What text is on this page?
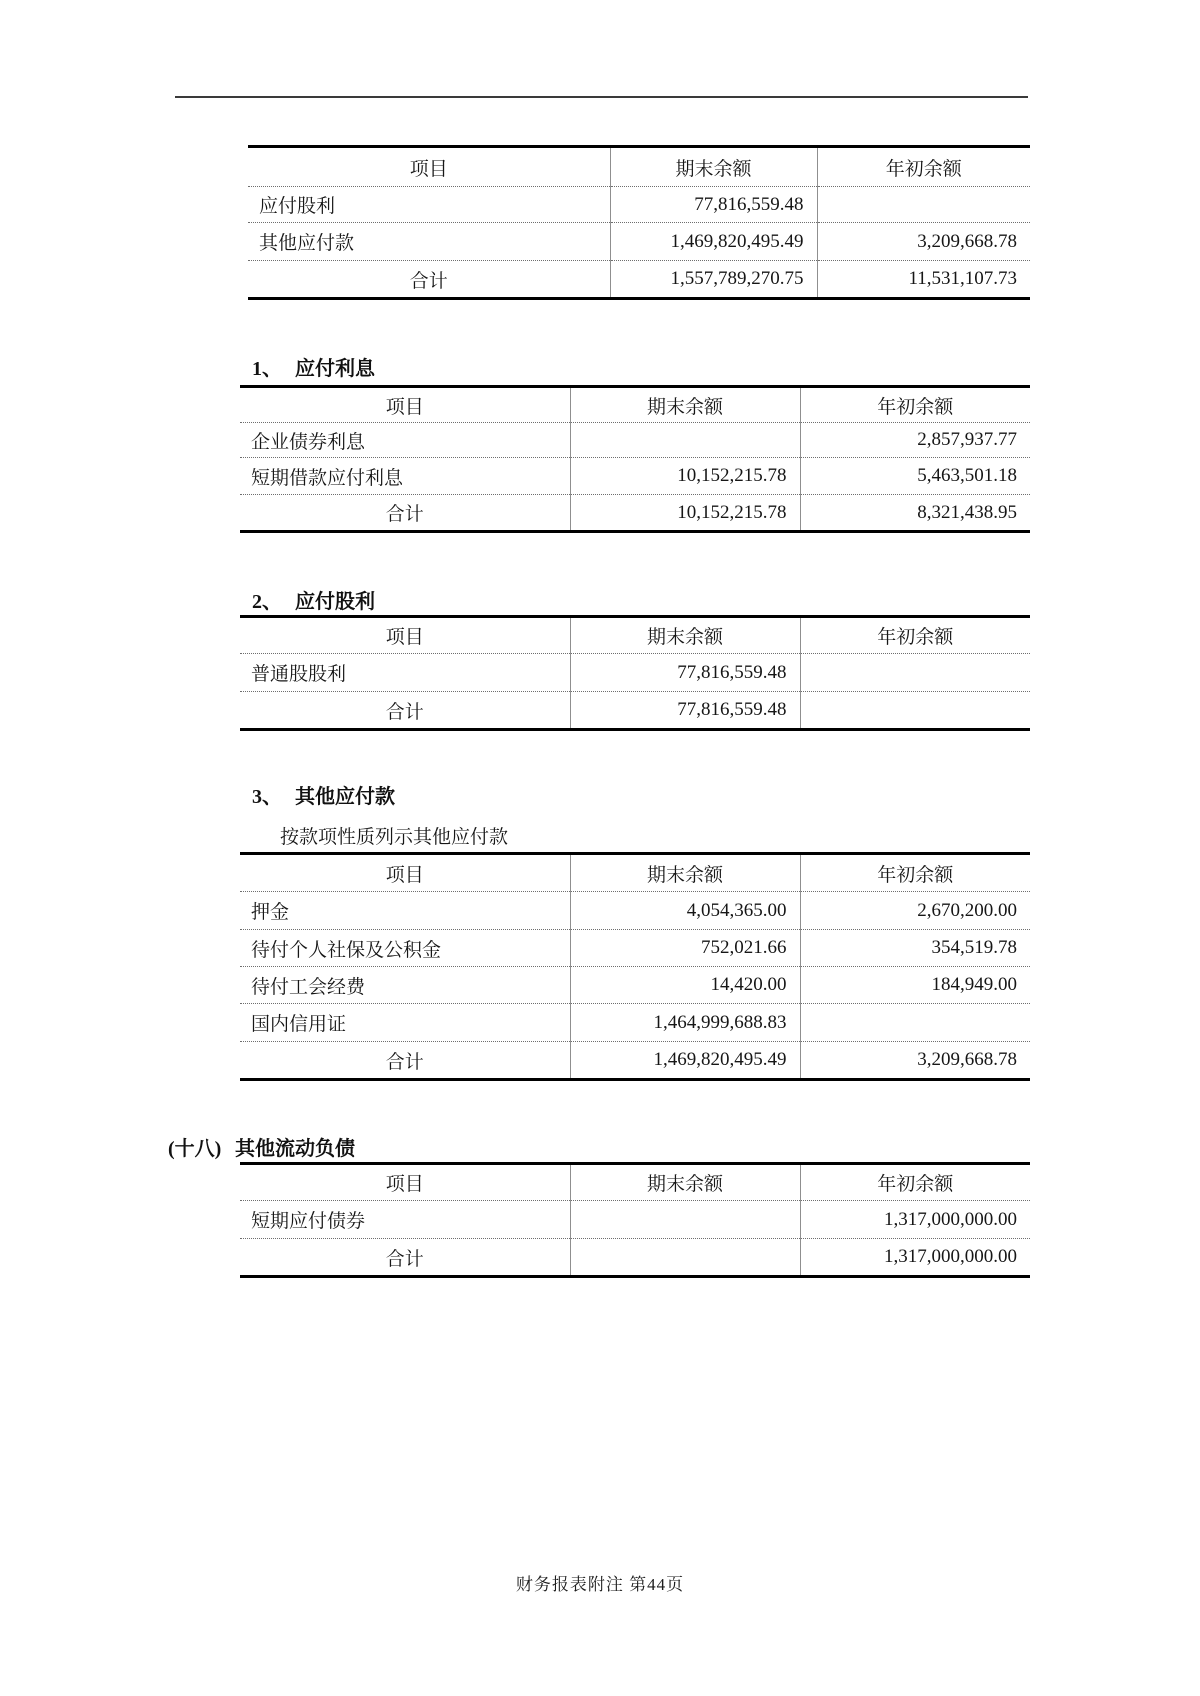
项目	期末余额	年初余额
应付股利	77,816,559.48	
其他应付款	1,469,820,495.49	3,209,668.78
合计	1,557,789,270.75	11,531,107.73
1、 应付利息
项目	期末余额	年初余额
企业债券利息		2,857,937.77
短期借款应付利息	10,152,215.78	5,463,501.18
合计	10,152,215.78	8,321,438.95
2、 应付股利
项目	期末余额	年初余额
普通股股利	77,816,559.48	
合计	77,816,559.48	
3、 其他应付款
按款项性质列示其他应付款
项目	期末余额	年初余额
押金	4,054,365.00	2,670,200.00
待付个人社保及公积金	752,021.66	354,519.78
待付工会经费	14,420.00	184,949.00
国内信用证	1,464,999,688.83	
合计	1,469,820,495.49	3,209,668.78
(十八) 其他流动负债
项目	期末余额	年初余额
短期应付债券		1,317,000,000.00
合计		1,317,000,000.00
财务报表附注 第44页
